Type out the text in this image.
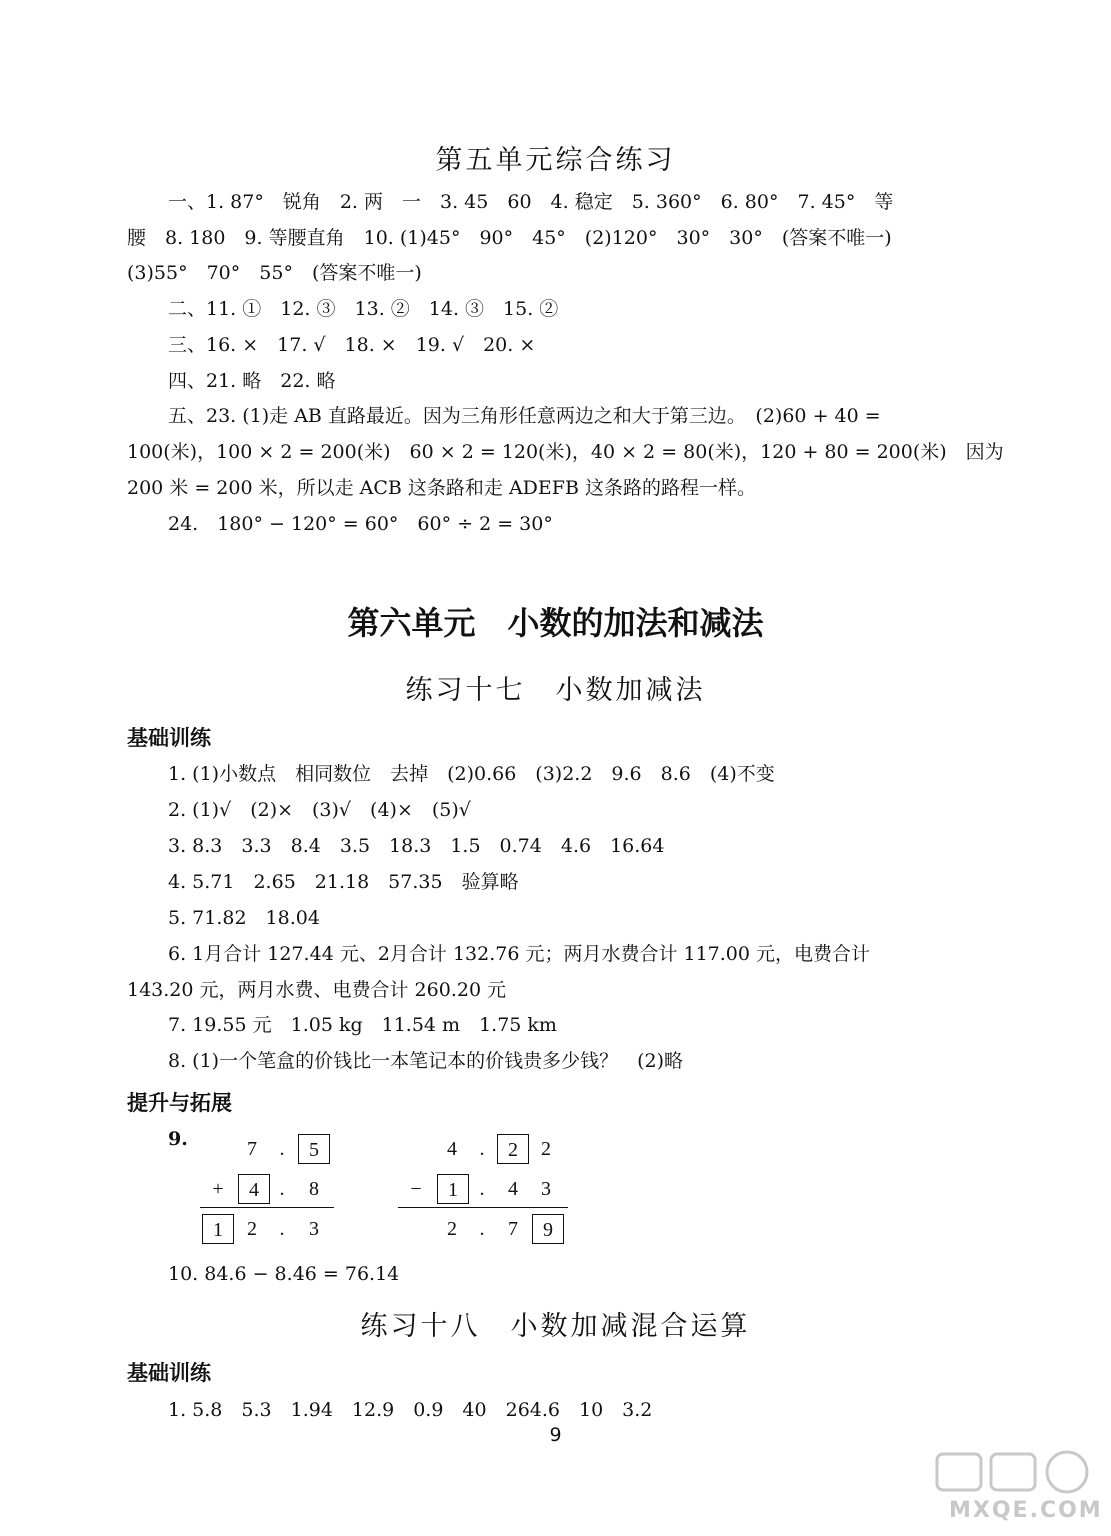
第五单元综合练习
一、1. 87°　锐角　2. 两　一　3. 45　60　4. 稳定　5. 360°　6. 80°　7. 45°　等
腰　8. 180　9. 等腰直角　10. (1)45°　90°　45°　(2)120°　30°　30°　(答案不唯一)
(3)55°　70°　55°　(答案不唯一)
二、11. ①　12. ③　13. ②　14. ③　15. ②
三、16. ×　17. √　18. ×　19. √　20. ×
四、21. 略　22. 略
五、23. (1)走 AB 直路最近。因为三角形任意两边之和大于第三边。　(2)60 + 40 =
100(米)，100 × 2 = 200(米)　60 × 2 = 120(米)，40 × 2 = 80(米)，120 + 80 = 200(米)　因为
200 米 = 200 米，所以走 ACB 这条路和走 ADEFB 这条路的路程一样。
24.　180° − 120° = 60°　60° ÷ 2 = 30°
第六单元　小数的加法和减法
练习十七　小数加减法
基础训练
1. (1)小数点　相同数位　去掉　(2)0.66　(3)2.2　9.6　8.6　(4)不变
2. (1)√　(2)×　(3)√　(4)×　(5)√
3. 8.3　3.3　8.4　3.5　18.3　1.5　0.74　4.6　16.64
4. 5.71　2.65　21.18　57.35　验算略
5. 71.82　18.04
6. 1月合计 127.44 元、2月合计 132.76 元；两月水费合计 117.00 元，电费合计
143.20 元，两月水费、电费合计 260.20 元
7. 19.55 元　1.05 kg　11.54 m　1.75 km
8. (1)一个笔盒的价钱比一本笔记本的价钱贵多少钱？　(2)略
提升与拓展
9.	7	.	5
+	4	.	8
1	2	.	3
4	.	2	2
−	1	.	4	3
2	.	7	9
10. 84.6 − 8.46 = 76.14
练习十八　小数加减混合运算
基础训练
1. 5.8　5.3　1.94　12.9　0.9　40　264.6　10　3.2
9
MXQE.COM
